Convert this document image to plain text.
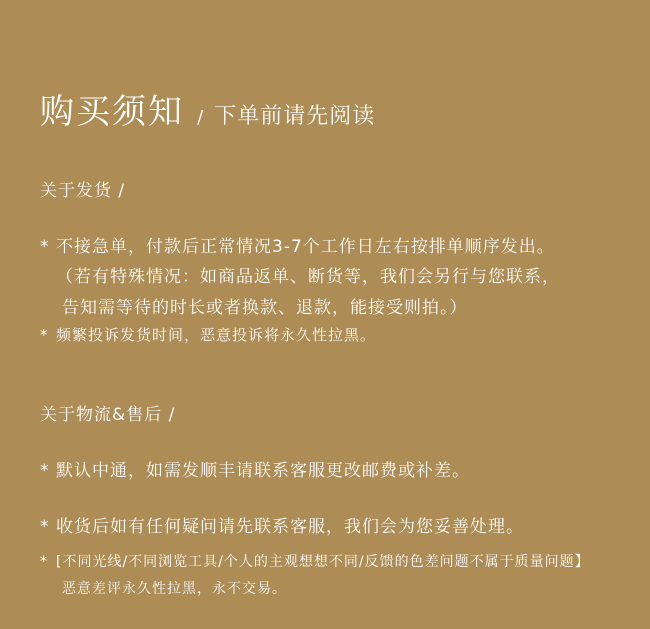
购买须知 / 下单前请先阅读
关于发货 /
* 不接急单，付款后正常情况3-7个工作日左右按排单顺序发出。
（若有特殊情况：如商品返单、断货等，我们会另行与您联系，
告知需等待的时长或者换款、退款，能接受则拍。）
* 频繁投诉发货时间，恶意投诉将永久性拉黑。
关于物流&售后 /
* 默认中通，如需发顺丰请联系客服更改邮费或补差。
* 收货后如有任何疑问请先联系客服，我们会为您妥善处理。
* [不同光线/不同浏览工具/个人的主观想想不同/反馈的色差问题不属于质量问题】
恶意差评永久性拉黑，永不交易。
